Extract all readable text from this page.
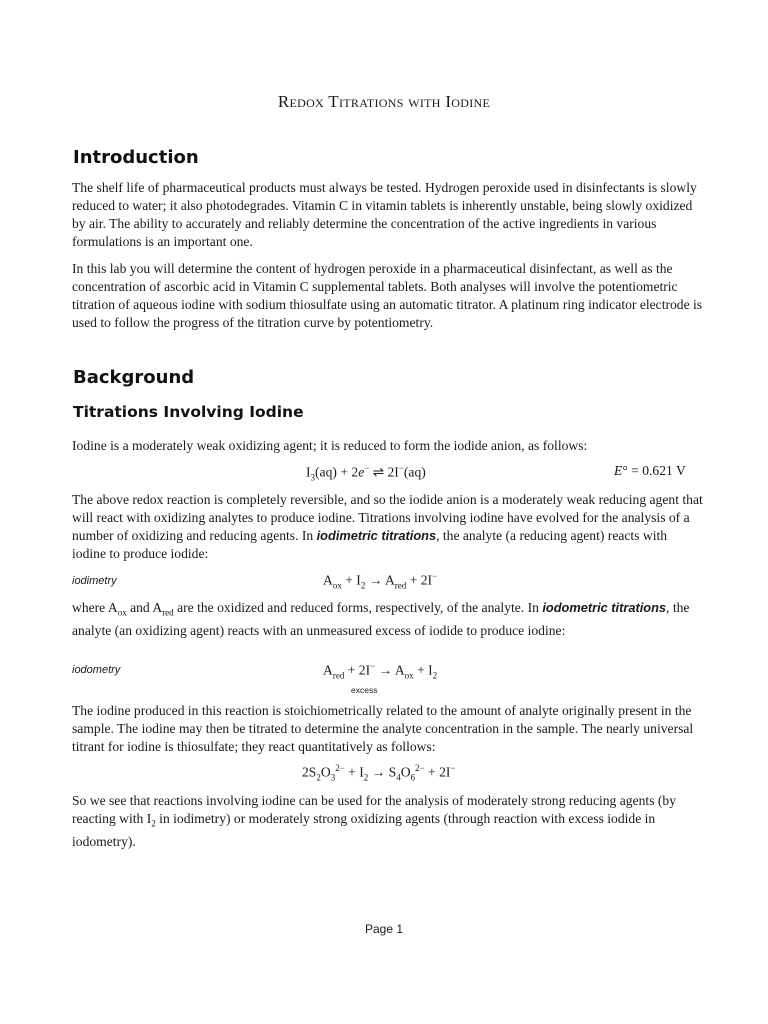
Redox Titrations with Iodine
Introduction

The shelf life of pharmaceutical products must always be tested. Hydrogen peroxide used in disinfectants is slowly reduced to water; it also photodegrades. Vitamin C in vitamin tablets is inherently unstable, being slowly oxidized by air. The ability to accurately and reliably determine the concentration of the active ingredients in various formulations is an important one.

In this lab you will determine the content of hydrogen peroxide in a pharmaceutical disinfectant, as well as the concentration of ascorbic acid in Vitamin C supplemental tablets. Both analyses will involve the potentiometric titration of aqueous iodine with sodium thiosulfate using an automatic titrator. A platinum ring indicator electrode is used to follow the progress of the titration curve by potentiometry.

Background
Titrations Involving Iodine

Iodine is a moderately weak oxidizing agent; it is reduced to form the iodide anion, as follows:

$I_3(aq) + 2e^-$ ⇌ 2I−(aq)	E° = 0.621 V

The above redox reaction is completely reversible, and so the iodide anion is a moderately weak reducing agent that will react with oxidizing analytes to produce iodine. Titrations involving iodine have evolved for the analysis of a number of oxidizing and reducing agents. In iodimetric titrations, the analyte (a reducing agent) reacts with iodine to produce iodide:

iodimetry	$A_{ox} + I_2 \to A_{red} + 2I^-$

where $A_{ox}$ and $A_{red}$ are the oxidized and reduced forms, respectively, of the analyte. In iodometric titrations, the analyte (an oxidizing agent) reacts with an unmeasured excess of iodide to produce iodine:

iodometry	$A_{red} + 2I^- \to A_{ox} + I_2$
excess

The iodine produced in this reaction is stoichiometrically related to the amount of analyte originally present in the sample. The iodine may then be titrated to determine the analyte concentration in the sample. The nearly universal titrant for iodine is thiosulfate; they react quantitatively as follows:

$2S_2O_3^{2-} + I_2 \to S_4O_6^{2-} + 2I^-$

So we see that reactions involving iodine can be used for the analysis of moderately strong reducing agents (by reacting with $I_2$ in iodimetry) or moderately strong oxidizing agents (through reaction with excess iodide in iodometry).

Page 1
